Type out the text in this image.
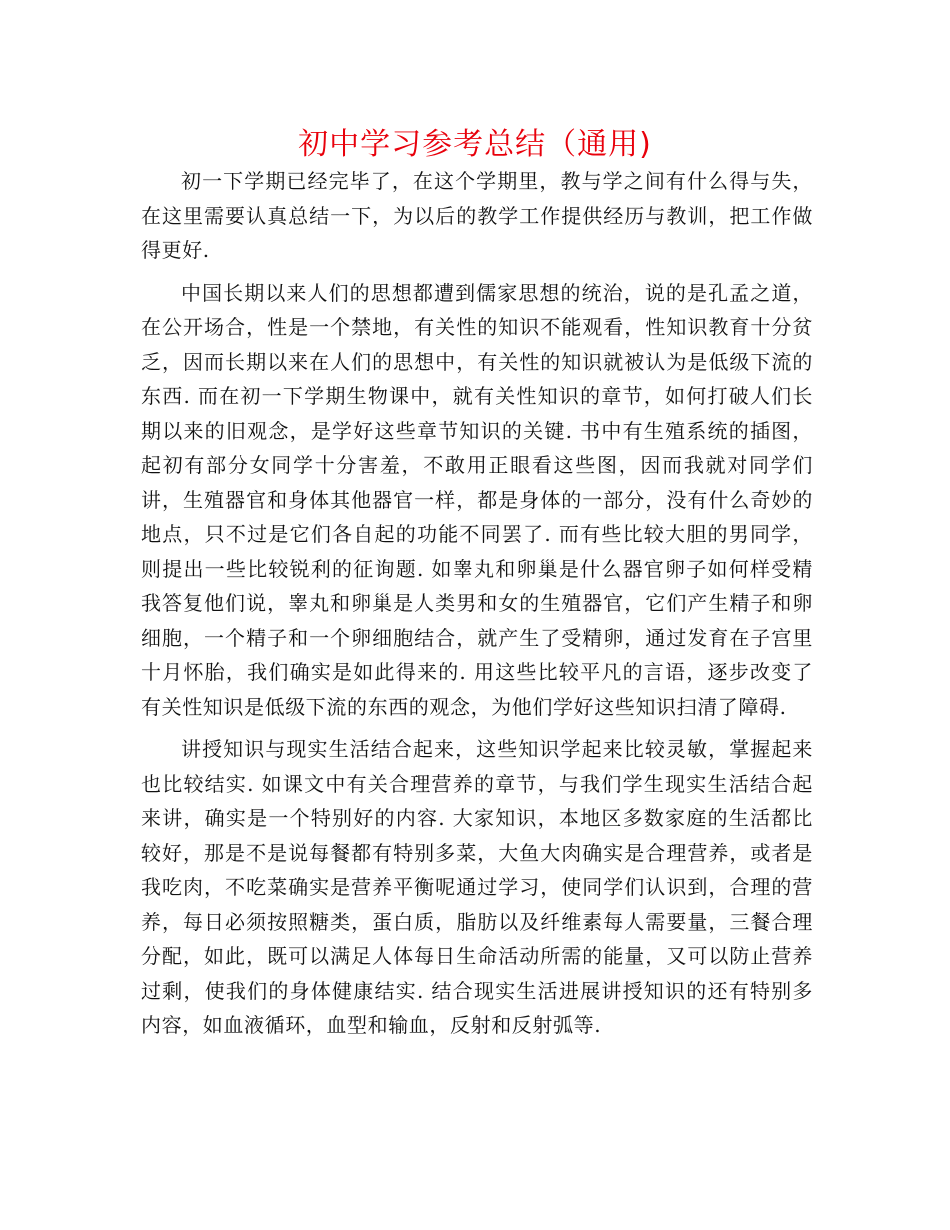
初中学习参考总结（通用)

初一下学期已经完毕了，在这个学期里，教与学之间有什么得与失，在这里需要认真总结一下，为以后的教学工作提供经历与教训，把工作做得更好.

中国长期以来人们的思想都遭到儒家思想的统治，说的是孔孟之道，在公开场合，性是一个禁地，有关性的知识不能观看，性知识教育十分贫乏，因而长期以来在人们的思想中，有关性的知识就被认为是低级下流的东西. 而在初一下学期生物课中，就有关性知识的章节，如何打破人们长期以来的旧观念，是学好这些章节知识的关键. 书中有生殖系统的插图，起初有部分女同学十分害羞，不敢用正眼看这些图，因而我就对同学们讲，生殖器官和身体其他器官一样，都是身体的一部分，没有什么奇妙的地点，只不过是它们各自起的功能不同罢了. 而有些比较大胆的男同学，则提出一些比较锐利的征询题. 如睾丸和卵巢是什么器官卵子如何样受精我答复他们说，睾丸和卵巢是人类男和女的生殖器官，它们产生精子和卵细胞，一个精子和一个卵细胞结合，就产生了受精卵，通过发育在子宫里十月怀胎，我们确实是如此得来的. 用这些比较平凡的言语，逐步改变了有关性知识是低级下流的东西的观念，为他们学好这些知识扫清了障碍.

讲授知识与现实生活结合起来，这些知识学起来比较灵敏，掌握起来也比较结实. 如课文中有关合理营养的章节，与我们学生现实生活结合起来讲，确实是一个特别好的内容. 大家知识，本地区多数家庭的生活都比较好，那是不是说每餐都有特别多菜，大鱼大肉确实是合理营养，或者是我吃肉，不吃菜确实是营养平衡呢通过学习，使同学们认识到，合理的营养，每日必须按照糖类，蛋白质，脂肪以及纤维素每人需要量，三餐合理分配，如此，既可以满足人体每日生命活动所需的能量，又可以防止营养过剩，使我们的身体健康结实. 结合现实生活进展讲授知识的还有特别多内容，如血液循环，血型和输血，反射和反射弧等.
